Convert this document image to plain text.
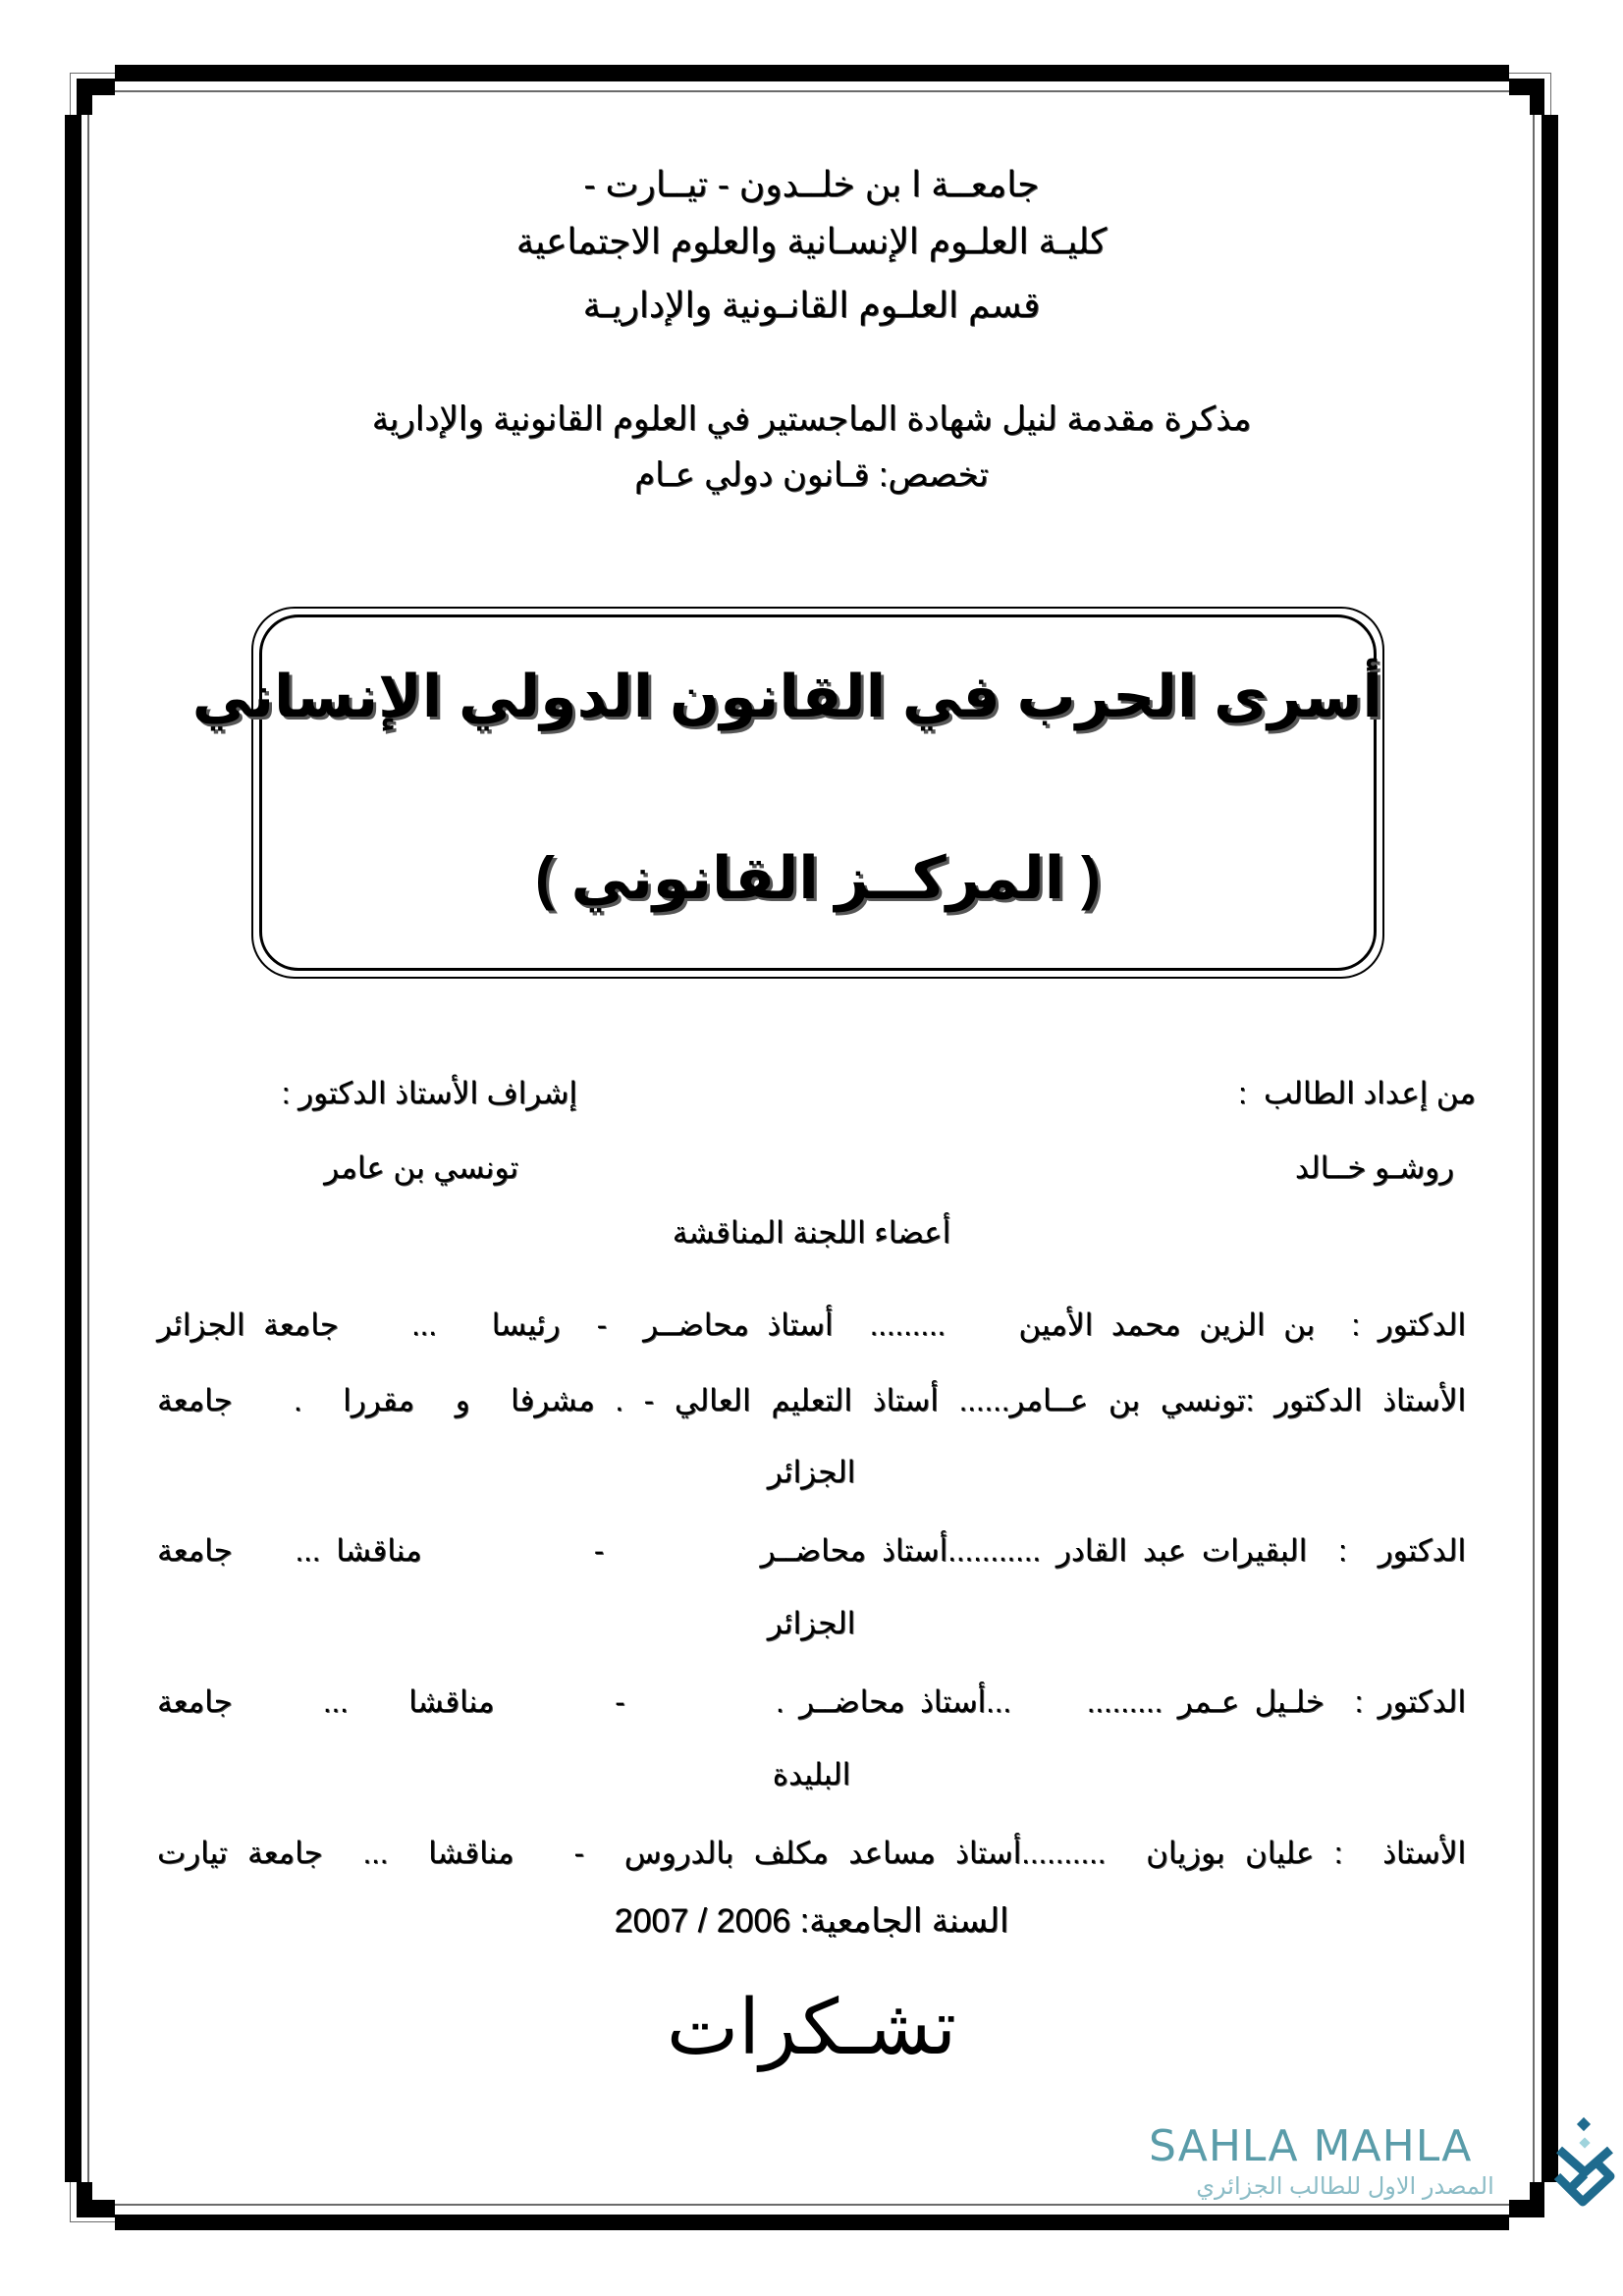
جامعــة ا بن خلــدون - تيــارت -
كليـة العلـوم الإنسـانية والعلوم الاجتماعية
قسم العلـوم القانـونية والإداريـة
مذكرة مقدمة لنيل شهادة الماجستير في العلوم القانونية والإدارية
تخصص: قـانون دولي عـام
أسرى الحرب في القانون الدولي الإنساني
( المركــز القانوني )
من إعداد الطالب  :
إشراف الأستاذ الدكتور :
روشـو خــالد
تونسي بن عامر
أعضاء اللجنة المناقشة
الدكتور :  بن الزين محمد الأمين    .........  أستاذ محاضــر  -  رئيسا   ...    جامعة الجزائر
الأستاذ الدكتور :تونسي بن عــامر...... أستاذ التعليم العالي - . مشرفا  و  مقررا  .   جامعة
الجزائر
الدكتور  :  البقيرات عبد القادر ...........أستاذ محاضــر          -           مناقشا ...    جامعة
الجزائر
الدكتور :  خلـيل عـمر .........     ...أستاذ محاضــر .          -        مناقشا    ...      جامعة
البليدة
الأستاذ  : عليان بوزيان  ..........أستاذ مساعد مكلف بالدروس  -   مناقشا  ...  جامعة تيارت
السنة الجامعية: 2006 / 2007
تشـكرات
SAHLA MAHLA
المصدر الاول للطالب الجزائري
